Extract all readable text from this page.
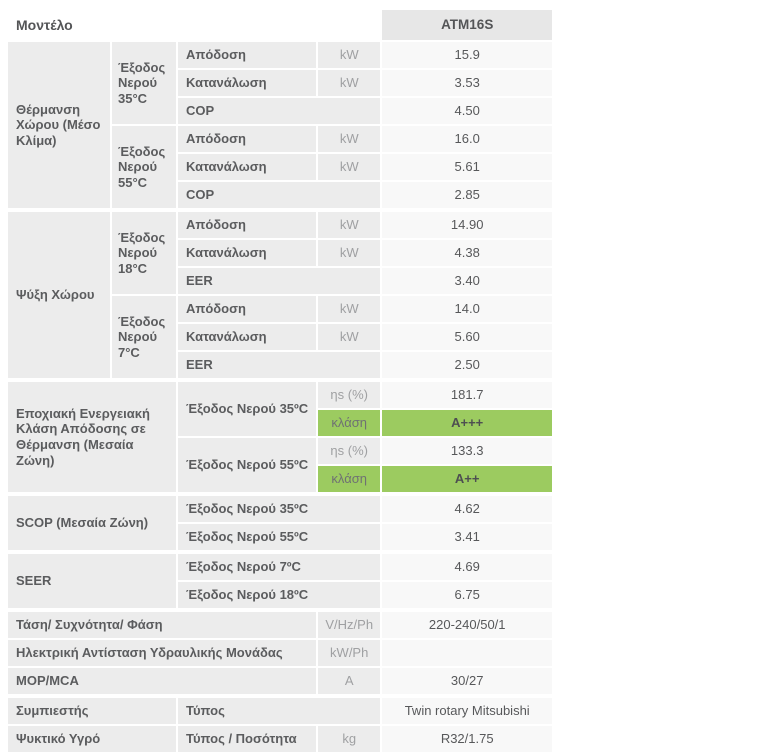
Μοντέλο				ATM16S
Θέρμανση Χώρου (Μέσο Κλίμα)	Έξοδος Νερού 35°C	Απόδοση	kW	15.9
		Κατανάλωση	kW	3.53
		COP		4.50
	Έξοδος Νερού 55°C	Απόδοση	kW	16.0
		Κατανάλωση	kW	5.61
		COP		2.85
Ψύξη Χώρου	Έξοδος Νερού 18°C	Απόδοση	kW	14.90
		Κατανάλωση	kW	4.38
		EER		3.40
	Έξοδος Νερού 7°C	Απόδοση	kW	14.0
		Κατανάλωση	kW	5.60
		EER		2.50
Εποχιακή Ενεργειακή Κλάση Απόδοσης σε Θέρμανση (Μεσαία Ζώνη)		Έξοδος Νερού 35ºC	ηs (%)	181.7
			κλάση	A+++
		Έξοδος Νερού 55ºC	ηs (%)	133.3
			κλάση	A++
SCOP (Μεσαία Ζώνη)		Έξοδος Νερού 35ºC		4.62
		Έξοδος Νερού 55ºC		3.41
SEER		Έξοδος Νερού 7ºC		4.69
		Έξοδος Νερού 18ºC		6.75
Τάση/ Συχνότητα/ Φάση			V/Hz/Ph	220-240/50/1
Ηλεκτρική Αντίσταση Υδραυλικής Μονάδας			kW/Ph	
MOP/MCA			A	30/27
Συμπιεστής		Τύπος		Twin rotary Mitsubishi
Ψυκτικό Υγρό		Τύπος / Ποσότητα	kg	R32/1.75
